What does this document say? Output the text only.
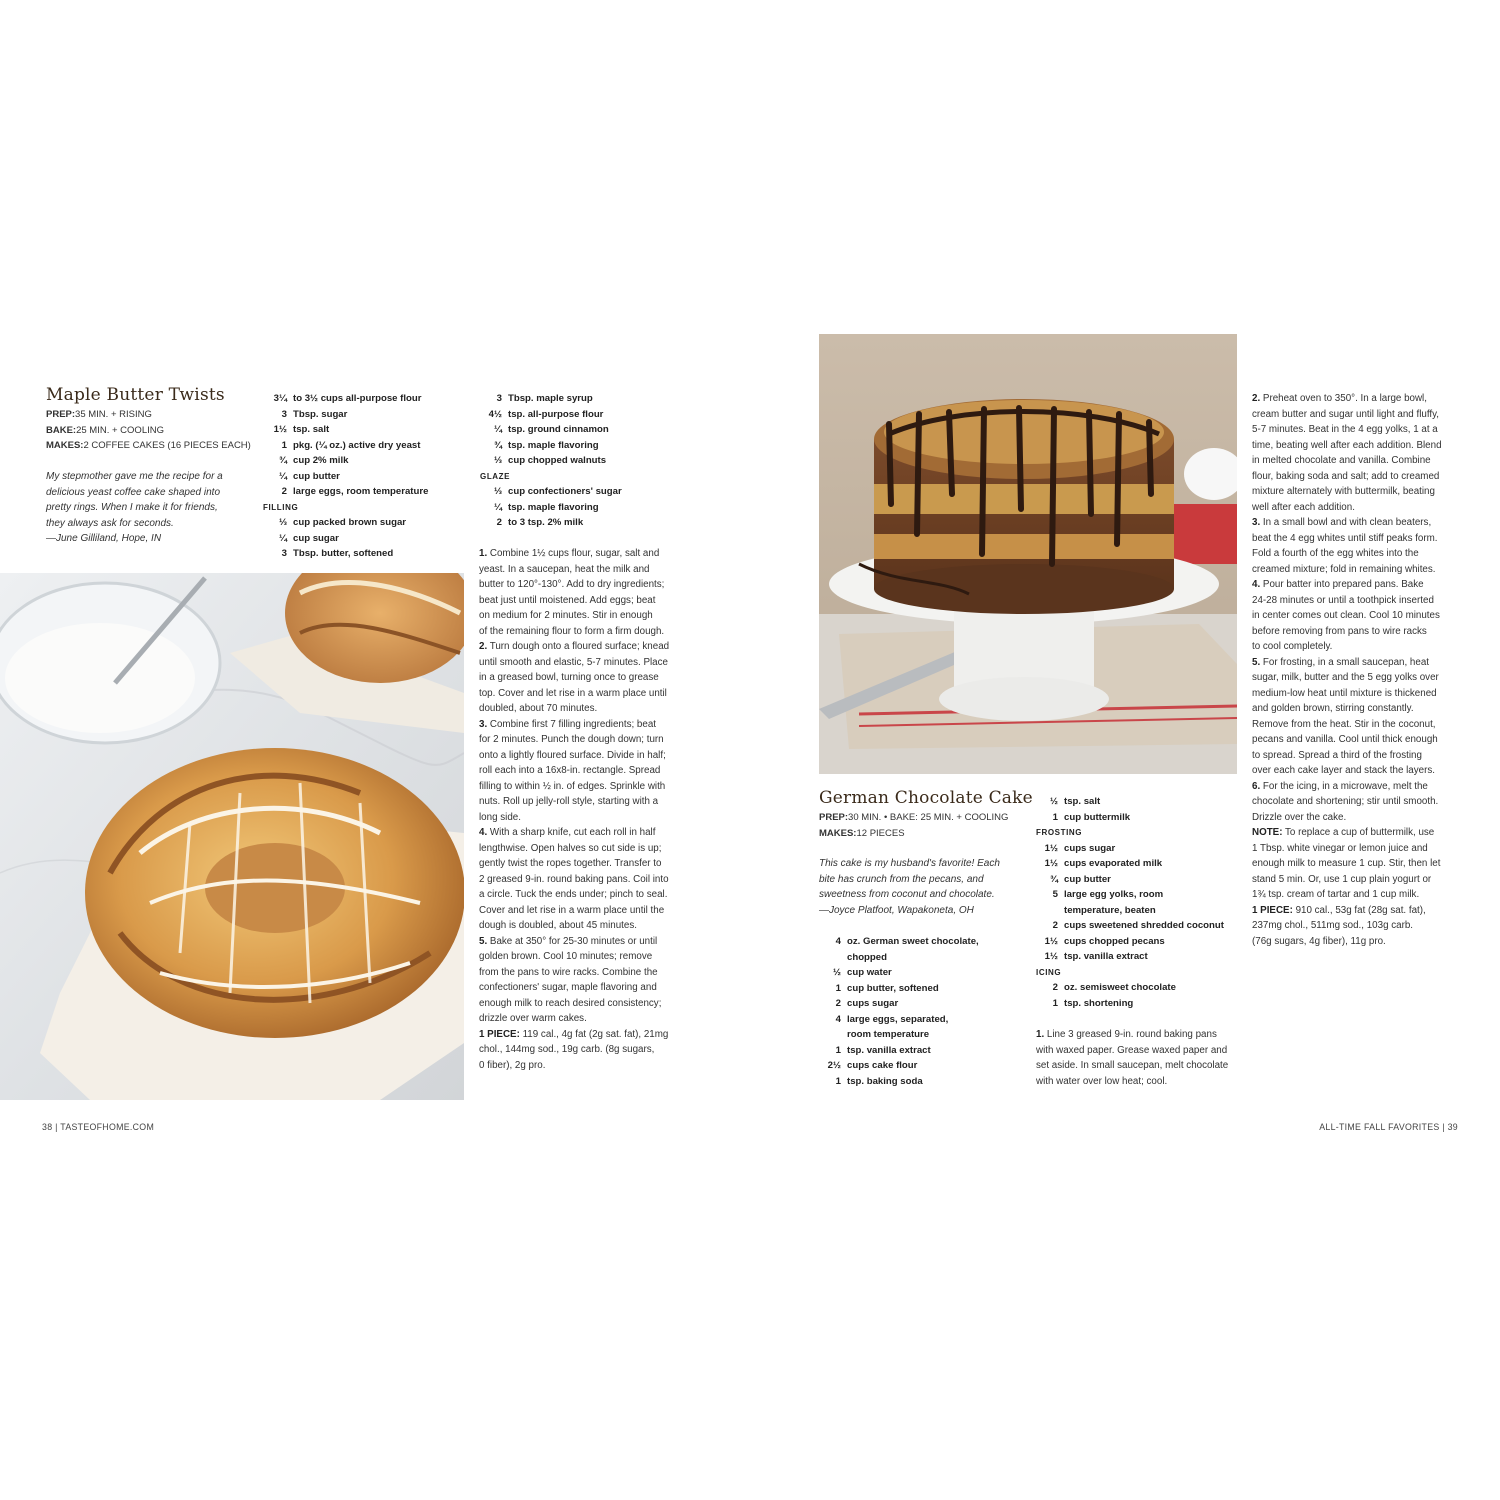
Maple Butter Twists
PREP:35 MIN. + RISING
BAKE:25 MIN. + COOLING
MAKES:2 COFFEE CAKES (16 PIECES EACH)
My stepmother gave me the recipe for a
delicious yeast coffee cake shaped into
pretty rings. When I make it for friends,
they always ask for seconds.
—June Gilliland, Hope, IN
3¼ to 3½ cups all-purpose flour
3 Tbsp. sugar
1½ tsp. salt
1 pkg. (¼ oz.) active dry yeast
¾ cup 2% milk
¼ cup butter
2 large eggs, room temperature
FILLING
⅓ cup packed brown sugar
¼ cup sugar
3 Tbsp. butter, softened
3 Tbsp. maple syrup
4½ tsp. all-purpose flour
¼ tsp. ground cinnamon
¾ tsp. maple flavoring
⅓ cup chopped walnuts
GLAZE
⅓ cup confectioners' sugar
¼ tsp. maple flavoring
2 to 3 tsp. 2% milk

1. Combine 1½ cups flour, sugar, salt and
yeast. In a saucepan, heat the milk and
butter to 120°-130°. Add to dry ingredients;
beat just until moistened. Add eggs; beat
on medium for 2 minutes. Stir in enough
of the remaining flour to form a firm dough.

2. Turn dough onto a floured surface; knead
until smooth and elastic, 5-7 minutes. Place
in a greased bowl, turning once to grease
top. Cover and let rise in a warm place until
doubled, about 70 minutes.

3. Combine first 7 filling ingredients; beat
for 2 minutes. Punch the dough down; turn
onto a lightly floured surface. Divide in half;
roll each into a 16x8-in. rectangle. Spread
filling to within ½ in. of edges. Sprinkle with
nuts. Roll up jelly-roll style, starting with a
long side.

4. With a sharp knife, cut each roll in half
lengthwise. Open halves so cut side is up;
gently twist the ropes together. Transfer to
2 greased 9-in. round baking pans. Coil into
a circle. Tuck the ends under; pinch to seal.
Cover and let rise in a warm place until the
dough is doubled, about 45 minutes.

5. Bake at 350° for 25-30 minutes or until
golden brown. Cool 10 minutes; remove
from the pans to wire racks. Combine the
confectioners' sugar, maple flavoring and
enough milk to reach desired consistency;
drizzle over warm cakes.

1 PIECE: 119 cal., 4g fat (2g sat. fat), 21mg
chol., 144mg sod., 19g carb. (8g sugars,
0 fiber), 2g pro.

38 | TASTEOFHOME.COM
German Chocolate Cake
PREP:30 MIN. • BAKE: 25 MIN. + COOLING
MAKES:12 PIECES
This cake is my husband's favorite! Each
bite has crunch from the pecans, and
sweetness from coconut and chocolate.
—Joyce Platfoot, Wapakoneta, OH
4 oz. German sweet chocolate,
chopped
½ cup water
1 cup butter, softened
2 cups sugar
4 large eggs, separated,
room temperature
1 tsp. vanilla extract
2½ cups cake flour
1 tsp. baking soda
½ tsp. salt
1 cup buttermilk
FROSTING
1½ cups sugar
1½ cups evaporated milk
¾ cup butter
5 large egg yolks, room
temperature, beaten
2 cups sweetened shredded coconut
1½ cups chopped pecans
1½ tsp. vanilla extract
ICING
2 oz. semisweet chocolate
1 tsp. shortening

1. Line 3 greased 9-in. round baking pans
with waxed paper. Grease waxed paper and
set aside. In small saucepan, melt chocolate
with water over low heat; cool.

2. Preheat oven to 350°. In a large bowl,
cream butter and sugar until light and fluffy,
5-7 minutes. Beat in the 4 egg yolks, 1 at a
time, beating well after each addition. Blend
in melted chocolate and vanilla. Combine
flour, baking soda and salt; add to creamed
mixture alternately with buttermilk, beating
well after each addition.

3. In a small bowl and with clean beaters,
beat the 4 egg whites until stiff peaks form.
Fold a fourth of the egg whites into the
creamed mixture; fold in remaining whites.

4. Pour batter into prepared pans. Bake
24-28 minutes or until a toothpick inserted
in center comes out clean. Cool 10 minutes
before removing from pans to wire racks
to cool completely.

5. For frosting, in a small saucepan, heat
sugar, milk, butter and the 5 egg yolks over
medium-low heat until mixture is thickened
and golden brown, stirring constantly.
Remove from the heat. Stir in the coconut,
pecans and vanilla. Cool until thick enough
to spread. Spread a third of the frosting
over each cake layer and stack the layers.

6. For the icing, in a microwave, melt the
chocolate and shortening; stir until smooth.
Drizzle over the cake.

NOTE: To replace a cup of buttermilk, use
1 Tbsp. white vinegar or lemon juice and
enough milk to measure 1 cup. Stir, then let
stand 5 min. Or, use 1 cup plain yogurt or
1¾ tsp. cream of tartar and 1 cup milk.

1 PIECE: 910 cal., 53g fat (28g sat. fat),
237mg chol., 511mg sod., 103g carb.
(76g sugars, 4g fiber), 11g pro.

ALL-TIME FALL FAVORITES | 39
